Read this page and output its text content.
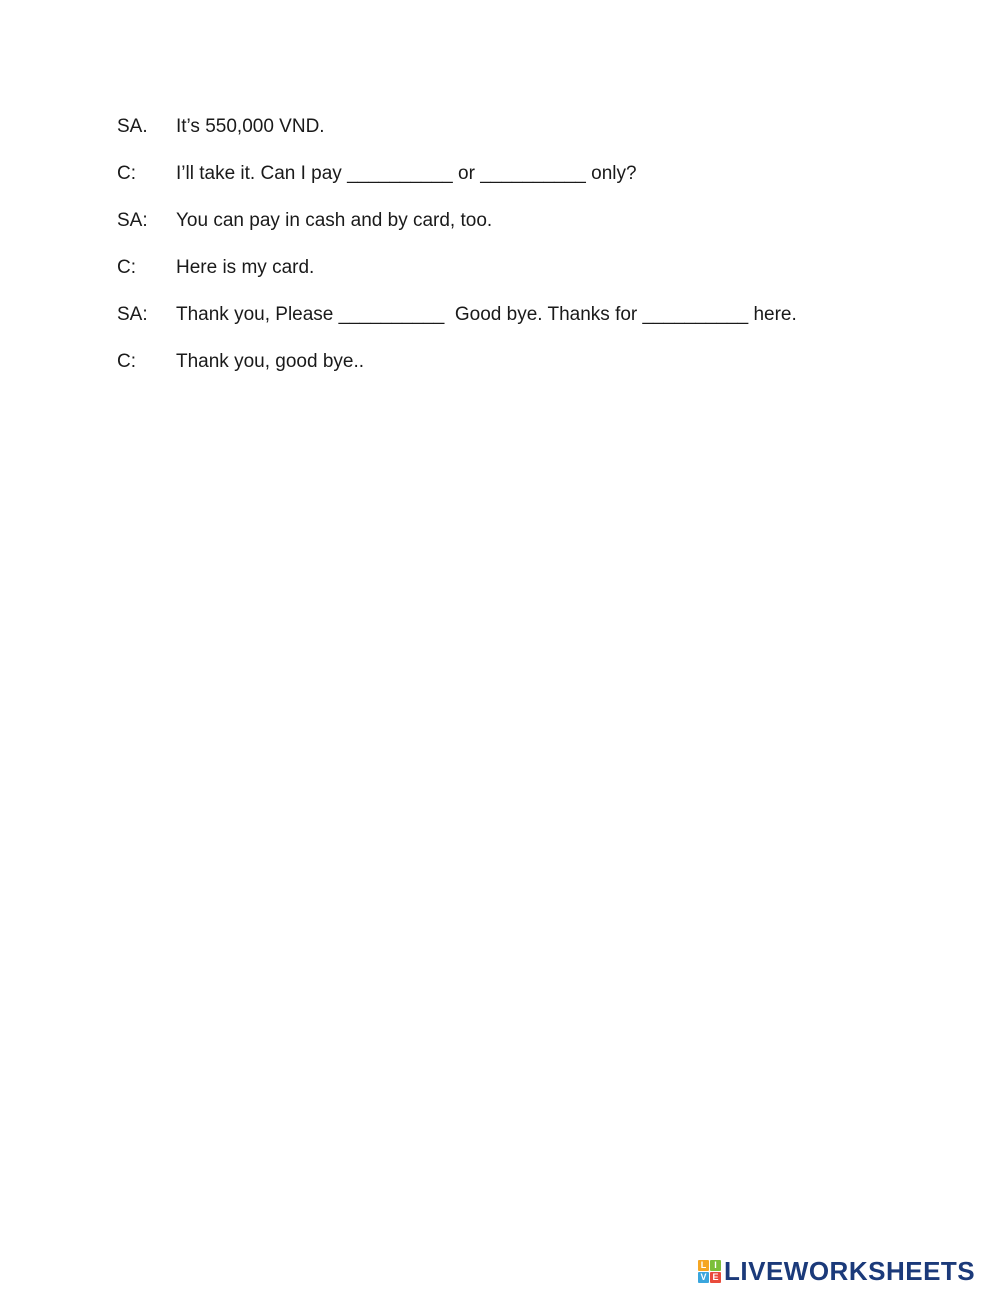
SA.	It’s 550,000 VND.
C:	I’ll take it. Can I pay __________ or __________ only?
SA:	You can pay in cash and by card, too.
C:	Here is my card.
SA:	Thank you, Please __________  Good bye. Thanks for __________ here.
C:	Thank you, good bye..
L I
V E LIVEWORKSHEETS
